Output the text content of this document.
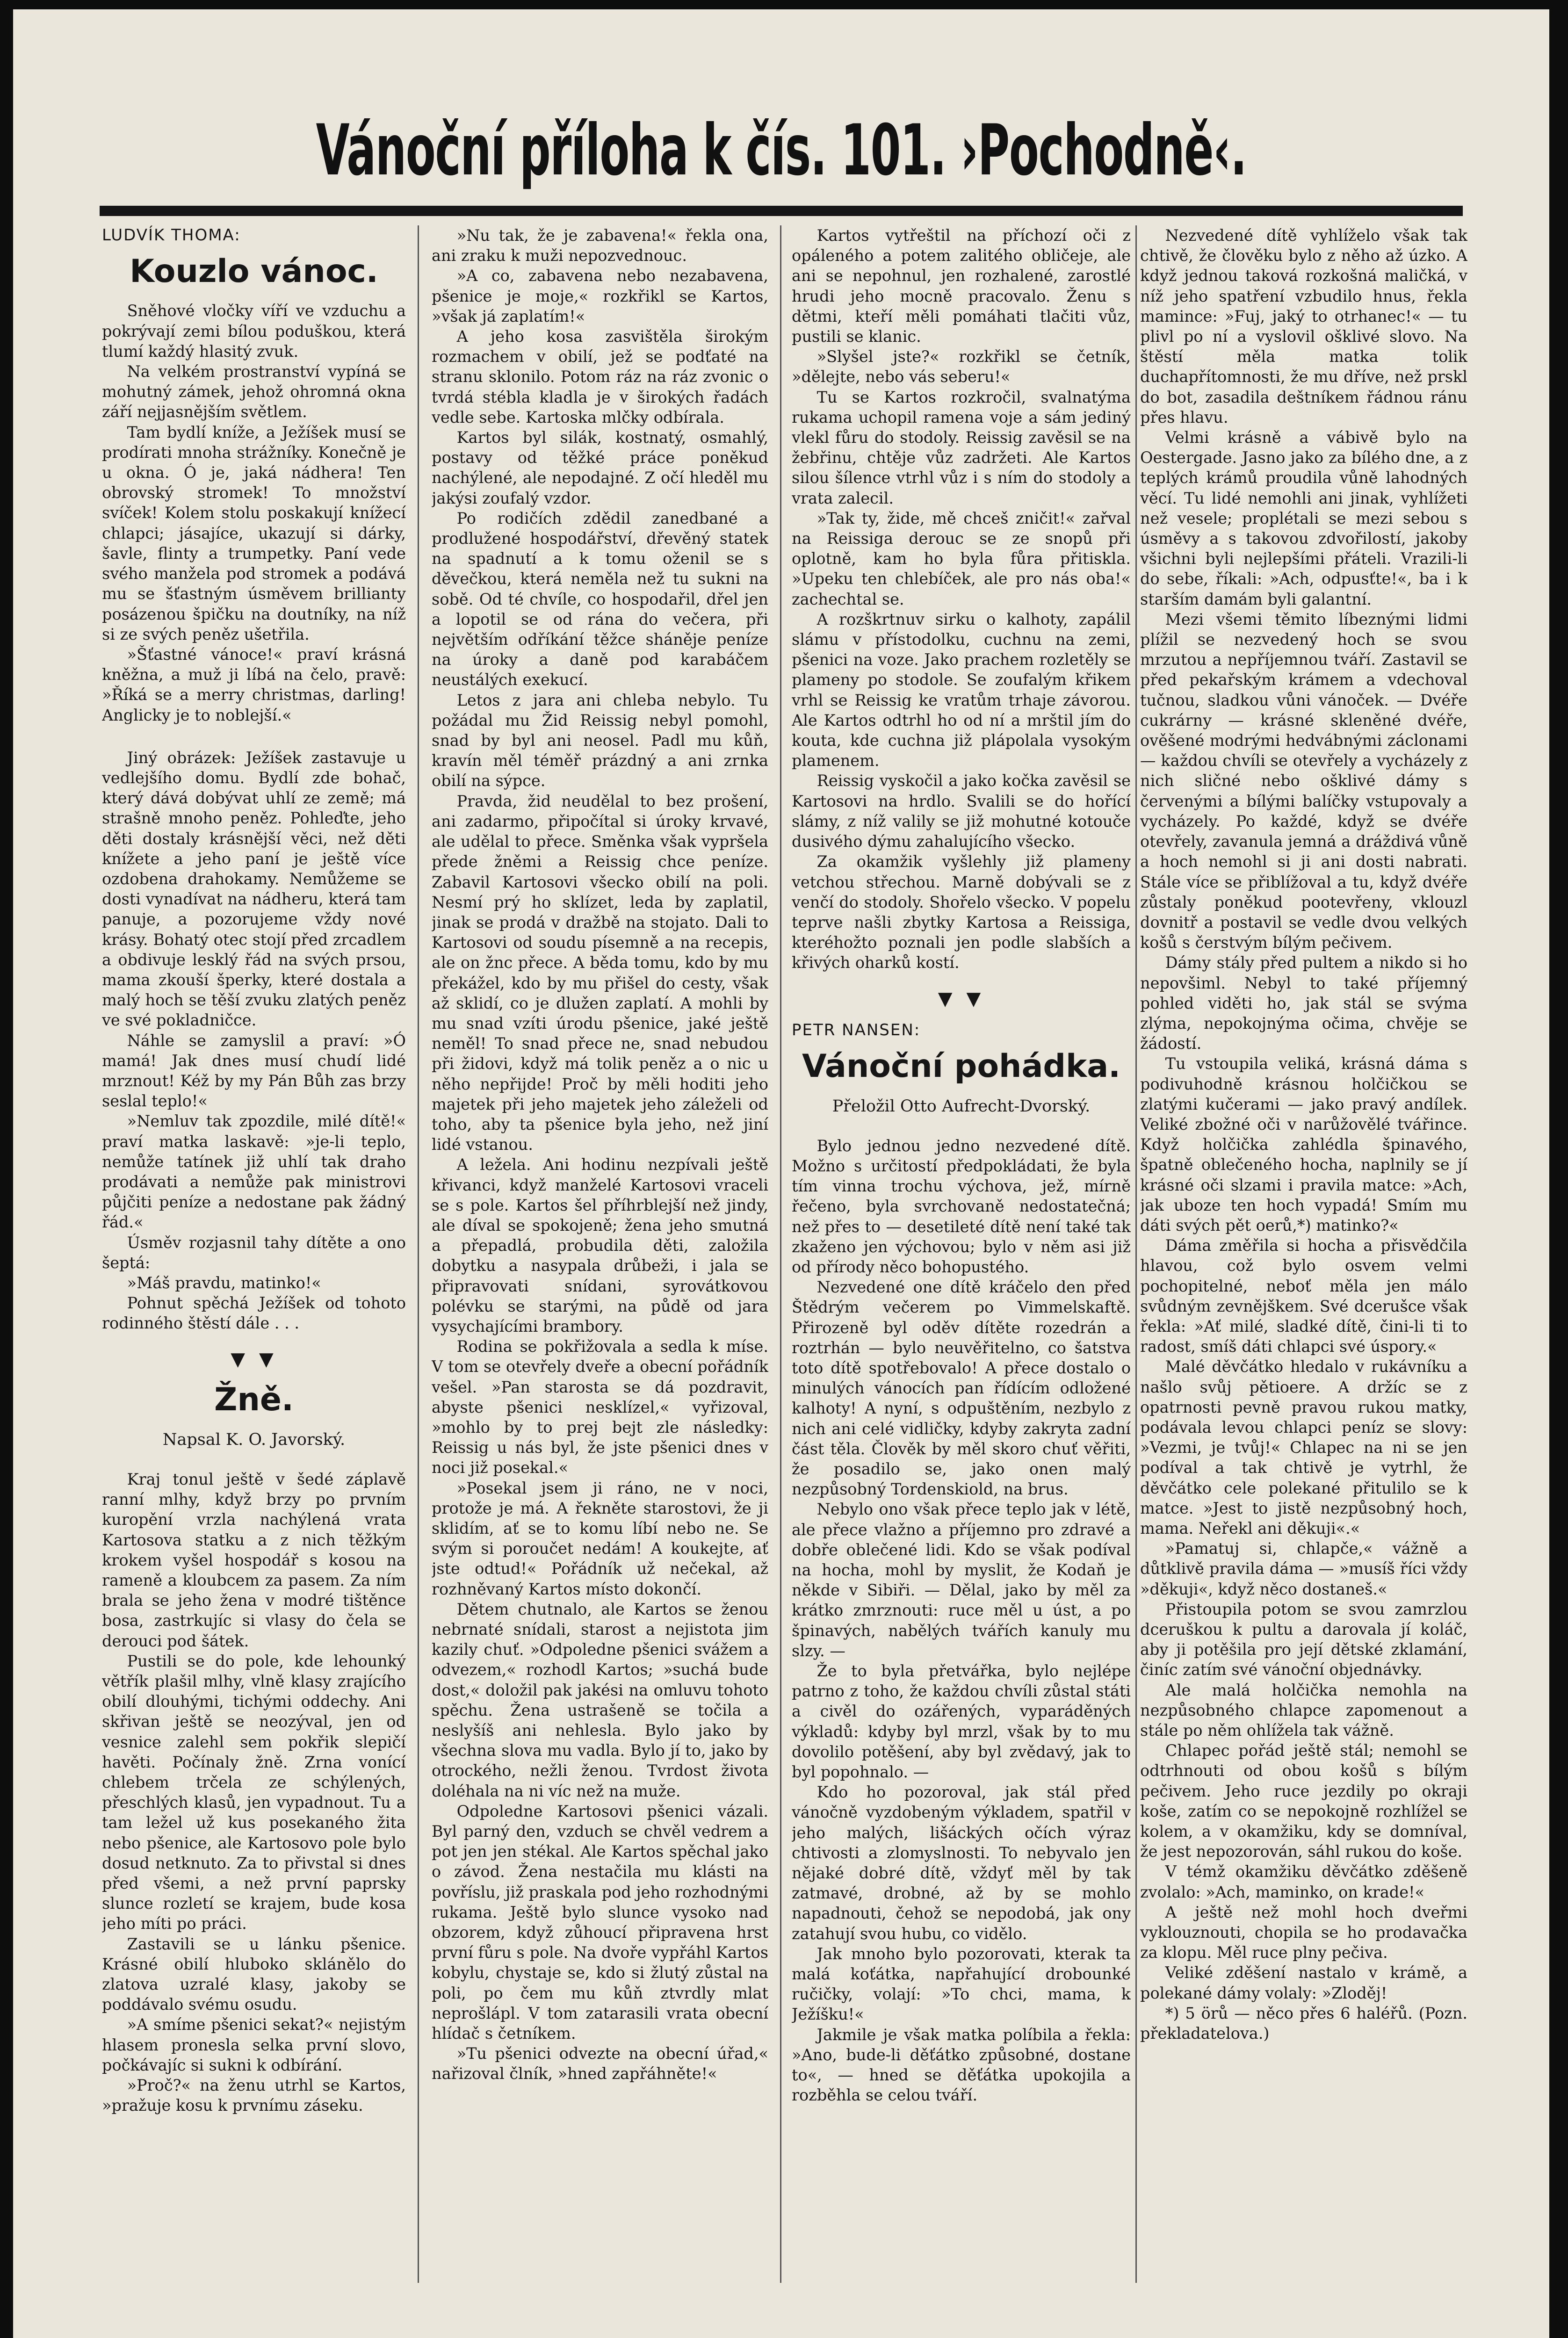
Vánoční příloha k čís. 101. ›Pochodně‹.
LUDVÍK THOMA:
Kouzlo vánoc.

Sněhové vločky víří ve vzduchu a pokrývají zemi bílou poduškou, která tlumí každý hlasitý zvuk.

Na velkém prostranství vypíná se mohutný zámek, jehož ohromná okna září nejjasnějším světlem.

Tam bydlí kníže, a Ježíšek musí se prodírati mnoha strážníky. Konečně je u okna. Ó je, jaká nádhera! Ten obrovský stromek! To množství svíček! Kolem stolu poskakují knížecí chlapci; jásajíce, ukazují si dárky, šavle, flinty a trumpetky. Paní vede svého manžela pod stromek a podává mu se šťastným úsměvem brillianty posázenou špičku na doutníky, na níž si ze svých peněz ušetřila.

»Šťastné vánoce!« praví krásná kněžna, a muž ji líbá na čelo, pravě: »Říká se a merry christmas, darling! Anglicky je to noblejší.«

Jiný obrázek: Ježíšek zastavuje u vedlejšího domu. Bydlí zde bohač, který dává dobývat uhlí ze země; má strašně mnoho peněz. Pohleďte, jeho děti dostaly krásnější věci, než děti knížete a jeho paní je ještě více ozdobena drahokamy. Nemůžeme se dosti vynadívat na nádheru, která tam panuje, a pozorujeme vždy nové krásy. Bohatý otec stojí před zrcadlem a obdivuje lesklý řád na svých prsou, mama zkouší šperky, které dostala a malý hoch se těší zvuku zlatých peněz ve své pokladničce.

Náhle se zamyslil a praví: »Ó mamá! Jak dnes musí chudí lidé mrznout! Kéž by my Pán Bůh zas brzy seslal teplo!«

»Nemluv tak zpozdile, milé dítě!« praví matka laskavě: »je-li teplo, nemůže tatínek již uhlí tak draho prodávati a nemůže pak ministrovi půjčiti peníze a nedostane pak žádný řád.«

Úsměv rozjasnil tahy dítěte a ono šeptá:

»Máš pravdu, matinko!«

Pohnut spěchá Ježíšek od tohoto rodinného štěstí dále . . .

▼ ▼
Žně.
Napsal K. O. Javorský.

Kraj tonul ještě v šedé záplavě ranní mlhy, když brzy po prvním kuropění vrzla nachýlená vrata Kartosova statku a z nich těžkým krokem vyšel hospodář s kosou na rameně a kloubcem za pasem. Za ním brala se jeho žena v modré tištěnce bosa, zastrkujíc si vlasy do čela se derouci pod šátek.

Pustili se do pole, kde lehounký větřík plašil mlhy, vlně klasy zrajícího obilí dlouhými, tichými oddechy. Ani skřivan ještě se neozýval, jen od vesnice zalehl sem pokřik slepičí havěti. Počínaly žně. Zrna vonící chlebem trčela ze schýlených, přeschlých klasů, jen vypadnout. Tu a tam ležel už kus posekaného žita nebo pšenice, ale Kartosovo pole bylo dosud netknuto. Za to přivstal si dnes před všemi, a než první paprsky slunce rozletí se krajem, bude kosa jeho míti po práci.

Zastavili se u lánku pšenice. Krásné obilí hluboko sklánělo do zlatova uzralé klasy, jakoby se poddávalo svému osudu.

»A smíme pšenici sekat?« nejistým hlasem pronesla selka první slovo, počkávajíc si sukni k odbírání.

»Proč?« na ženu utrhl se Kartos, »pražuje kosu k prvnímu záseku.

»Nu tak, že je zabavena!« řekla ona, ani zraku k muži nepozvednouc.

»A co, zabavena nebo nezabavena, pšenice je moje,« rozkřikl se Kartos, »však já zaplatím!«

A jeho kosa zasvištěla širokým rozmachem v obilí, jež se podťaté na stranu sklonilo. Potom ráz na ráz zvonic o tvrdá stébla kladla je v širokých řadách vedle sebe. Kartoska mlčky odbírala.

Kartos byl silák, kostnatý, osmahlý, postavy od těžké práce poněkud nachýlené, ale nepodajné. Z očí hleděl mu jakýsi zoufalý vzdor.

Po rodičích zdědil zanedbané a prodlužené hospodářství, dřevěný statek na spadnutí a k tomu oženil se s děvečkou, která neměla než tu sukni na sobě. Od té chvíle, co hospodařil, dřel jen a lopotil se od rána do večera, při největším odříkání těžce sháněje peníze na úroky a daně pod karabáčem neustálých exekucí.

Letos z jara ani chleba nebylo. Tu požádal mu Žid Reissig nebyl pomohl, snad by byl ani neosel. Padl mu kůň, kravín měl téměř prázdný a ani zrnka obilí na sýpce.

Pravda, žid neudělal to bez prošení, ani zadarmo, připočítal si úroky krvavé, ale udělal to přece. Směnka však vypršela přede žněmi a Reissig chce peníze. Zabavil Kartosovi všecko obilí na poli. Nesmí prý ho sklízet, leda by zaplatil, jinak se prodá v dražbě na stojato. Dali to Kartosovi od soudu písemně a na recepis, ale on žnc přece. A běda tomu, kdo by mu překážel, kdo by mu přišel do cesty, však až sklidí, co je dlužen zaplatí. A mohli by mu snad vzíti úrodu pšenice, jaké ještě neměl! To snad přece ne, snad nebudou při židovi, když má tolik peněz a o nic u něho nepřijde! Proč by měli hoditi jeho majetek při jeho majetek jeho záleželi od toho, aby ta pšenice byla jeho, než jiní lidé vstanou.

A ležela. Ani hodinu nezpívali ještě křivanci, když manželé Kartosovi vraceli se s pole. Kartos šel příhrblejší než jindy, ale díval se spokojeně; žena jeho smutná a přepadlá, probudila děti, založila dobytku a nasypala drůbeži, i jala se připravovati snídani, syrovátkovou polévku se starými, na půdě od jara vysychajícími brambory.

Rodina se pokřižovala a sedla k míse. V tom se otevřely dveře a obecní pořádník vešel. »Pan starosta se dá pozdravit, abyste pšenici nesklízel,« vyřizoval, »mohlo by to prej bejt zle následky: Reissig u nás byl, že jste pšenici dnes v noci již posekal.«

»Posekal jsem ji ráno, ne v noci, protože je má. A řekněte starostovi, že ji sklidím, ať se to komu líbí nebo ne. Se svým si poroučet nedám! A koukejte, ať jste odtud!« Pořádník už nečekal, až rozhněvaný Kartos místo dokončí.

Dětem chutnalo, ale Kartos se ženou nebrnaté snídali, starost a nejistota jim kazily chuť. »Odpoledne pšenici svážem a odvezem,« rozhodl Kartos; »suchá bude dost,« doložil pak jakési na omluvu tohoto spěchu. Žena ustrašeně se točila a neslyšíš ani nehlesla. Bylo jako by všechna slova mu vadla. Bylo jí to, jako by otrockého, nežli ženou. Tvrdost života doléhala na ni víc než na muže.

Odpoledne Kartosovi pšenici vázali. Byl parný den, vzduch se chvěl vedrem a pot jen jen stékal. Ale Kartos spěchal jako o závod. Žena nestačila mu klásti na povříslu, již praskala pod jeho rozhodnými rukama. Ještě bylo slunce vysoko nad obzorem, když zůhoucí připravena hrst první fůru s pole. Na dvoře vypřáhl Kartos kobylu, chystaje se, kdo si žlutý zůstal na poli, po čem mu kůň ztvrdly mlat neprošlápl. V tom zatarasili vrata obecní hlídač s četníkem.

»Tu pšenici odvezte na obecní úřad,« nařizoval člník, »hned zapřáhněte!«

Kartos vytřeštil na příchozí oči z opáleného a potem zalitého obličeje, ale ani se nepohnul, jen rozhalené, zarostlé hrudi jeho mocně pracovalo. Ženu s dětmi, kteří měli pomáhati tlačiti vůz, pustili se klanic.

»Slyšel jste?« rozkřikl se četník, »dělejte, nebo vás seberu!«

Tu se Kartos rozkročil, svalnatýma rukama uchopil ramena voje a sám jediný vlekl fůru do stodoly. Reissig zavěsil se na žebřinu, chtěje vůz zadržeti. Ale Kartos silou šílence vtrhl vůz i s ním do stodoly a vrata zalecil.

»Tak ty, žide, mě chceš zničit!« zařval na Reissiga derouc se ze snopů při oplotně, kam ho byla fůra přitiskla. »Upeku ten chlebíček, ale pro nás oba!« zachechtal se.

A rozškrtnuv sirku o kalhoty, zapálil slámu v přístodolku, cuchnu na zemi, pšenici na voze. Jako prachem rozletěly se plameny po stodole. Se zoufalým křikem vrhl se Reissig ke vratům trhaje závorou. Ale Kartos odtrhl ho od ní a mrštil jím do kouta, kde cuchna již plápolala vysokým plamenem.

Reissig vyskočil a jako kočka zavěsil se Kartosovi na hrdlo. Svalili se do hořící slámy, z níž valily se již mohutné kotouče dusivého dýmu zahalujícího všecko.

Za okamžik vyšlehly již plameny vetchou střechou. Marně dobývali se z venčí do stodoly. Shořelo všecko. V popelu teprve našli zbytky Kartosa a Reissiga, kteréhožto poznali jen podle slabších a křivých oharků kostí.

▼ ▼
PETR NANSEN:
Vánoční pohádka.
Přeložil Otto Aufrecht-Dvorský.

Bylo jednou jedno nezvedené dítě. Možno s určitostí předpokládati, že byla tím vinna trochu výchova, jež, mírně řečeno, byla svrchovaně nedostatečná; než přes to — desetileté dítě není také tak zkaženo jen výchovou; bylo v něm asi již od přírody něco bohopustého.

Nezvedené one dítě kráčelo den před Štědrým večerem po Vimmelskaftě. Přirozeně byl oděv dítěte rozedrán a roztrhán — bylo neuvěřitelno, co šatstva toto dítě spotřebovalo! A přece dostalo o minulých vánocích pan řídícím odložené kalhoty! A nyní, s odpuštěním, nezbylo z nich ani celé vidličky, kdyby zakryta zadní část těla. Člověk by měl skoro chuť věřiti, že posadilo se, jako onen malý nezpůsobný Tordenskiold, na brus.

Nebylo ono však přece teplo jak v létě, ale přece vlažno a příjemno pro zdravé a dobře oblečené lidi. Kdo se však podíval na hocha, mohl by myslit, že Kodaň je někde v Sibiři. — Dělal, jako by měl za krátko zmrznouti: ruce měl u úst, a po špinavých, nabělých tvářích kanuly mu slzy. —

Že to byla přetvářka, bylo nejlépe patrno z toho, že každou chvíli zůstal státi a civěl do ozářených, vyparáděných výkladů: kdyby byl mrzl, však by to mu dovolilo potěšení, aby byl zvědavý, jak to byl popohnalo. —

Kdo ho pozoroval, jak stál před vánočně vyzdobeným výkladem, spatřil v jeho malých, lišáckých očích výraz chtivosti a zlomyslnosti. To nebyvalo jen nějaké dobré dítě, vždyť měl by tak zatmavé, drobné, až by se mohlo napadnouti, čehož se nepodobá, jak ony zatahují svou hubu, co vidělo.

Jak mnoho bylo pozorovati, kterak ta malá koťátka, napřahující drobounké ručičky, volají: »To chci, mama, k Ježíšku!«

Jakmile je však matka políbila a řekla: »Ano, bude-li děťátko způsobné, dostane to«, — hned se děťátka upokojila a rozběhla se celou tváří.

Nezvedené dítě vyhlíželo však tak chtivě, že člověku bylo z něho až úzko. A když jednou taková rozkošná maličká, v níž jeho spatření vzbudilo hnus, řekla mamince: »Fuj, jaký to otrhanec!« — tu plivl po ní a vyslovil ošklivé slovo. Na štěstí měla matka tolik duchapřítomnosti, že mu dříve, než prskl do bot, zasadila deštníkem řádnou ránu přes hlavu.

Velmi krásně a vábivě bylo na Oestergade. Jasno jako za bílého dne, a z teplých krámů proudila vůně lahodných věcí. Tu lidé nemohli ani jinak, vyhlížeti než vesele; proplétali se mezi sebou s úsměvy a s takovou zdvořilostí, jakoby všichni byli nejlepšími přáteli. Vrazili-li do sebe, říkali: »Ach, odpusťte!«, ba i k starším damám byli galantní.

Mezi všemi těmito líbeznými lidmi plížil se nezvedený hoch se svou mrzutou a nepříjemnou tváří. Zastavil se před pekařským krámem a vdechoval tučnou, sladkou vůni vánoček. — Dvéře cukrárny — krásné skleněné dvéře, ověšené modrými hedvábnými záclonami — každou chvíli se otevřely a vycházely z nich sličné nebo ošklivé dámy s červenými a bílými balíčky vstupovaly a vycházely. Po každé, když se dvéře otevřely, zavanula jemná a dráždivá vůně a hoch nemohl si ji ani dosti nabrati. Stále více se přiblížoval a tu, když dvéře zůstaly poněkud pootevřeny, vklouzl dovnitř a postavil se vedle dvou velkých košů s čerstvým bílým pečivem.

Dámy stály před pultem a nikdo si ho nepovšiml. Nebyl to také příjemný pohled viděti ho, jak stál se svýma zlýma, nepokojnýma očima, chvěje se žádostí.

Tu vstoupila veliká, krásná dáma s podivuhodně krásnou holčičkou se zlatými kučerami — jako pravý andílek. Veliké zbožné oči v narůžovělé tvářince. Když holčička zahlédla špinavého, špatně oblečeného hocha, naplnily se jí krásné oči slzami i pravila matce: »Ach, jak uboze ten hoch vypadá! Smím mu dáti svých pět oerů,*) matinko?«

Dáma změřila si hocha a přisvědčila hlavou, což bylo osvem velmi pochopitelné, neboť měla jen málo svůdným zevnějškem. Své dcerušce však řekla: »Ať milé, sladké dítě, čini-li ti to radost, smíš dáti chlapci své úspory.«

Malé děvčátko hledalo v rukávníku a našlo svůj pětioere. A držíc se z opatrnosti pevně pravou rukou matky, podávala levou chlapci peníz se slovy: »Vezmi, je tvůj!« Chlapec na ni se jen podíval a tak chtivě je vytrhl, že děvčátko cele polekané přitulilo se k matce. »Jest to jistě nezpůsobný hoch, mama. Neřekl ani děkuji«.«

»Pamatuj si, chlapče,« vážně a důtklivě pravila dáma — »musíš říci vždy »děkuji«, když něco dostaneš.«

Přistoupila potom se svou zamrzlou dceruškou k pultu a darovala jí koláč, aby ji potěšila pro její dětské zklamání, činíc zatím své vánoční objednávky.

Ale malá holčička nemohla na nezpůsobného chlapce zapomenout a stále po něm ohlížela tak vážně.

Chlapec pořád ještě stál; nemohl se odtrhnouti od obou košů s bílým pečivem. Jeho ruce jezdily po okraji koše, zatím co se nepokojně rozhlížel se kolem, a v okamžiku, kdy se domníval, že jest nepozorován, sáhl rukou do koše.

V témž okamžiku děvčátko zděšeně zvolalo: »Ach, maminko, on krade!«

A ještě než mohl hoch dveřmi vyklouznouti, chopila se ho prodavačka za klopu. Měl ruce plny pečiva.

Veliké zděšení nastalo v krámě, a polekané dámy volaly: »Zloděj!

*) 5 örů — něco přes 6 haléřů. (Pozn. překladatelova.)
